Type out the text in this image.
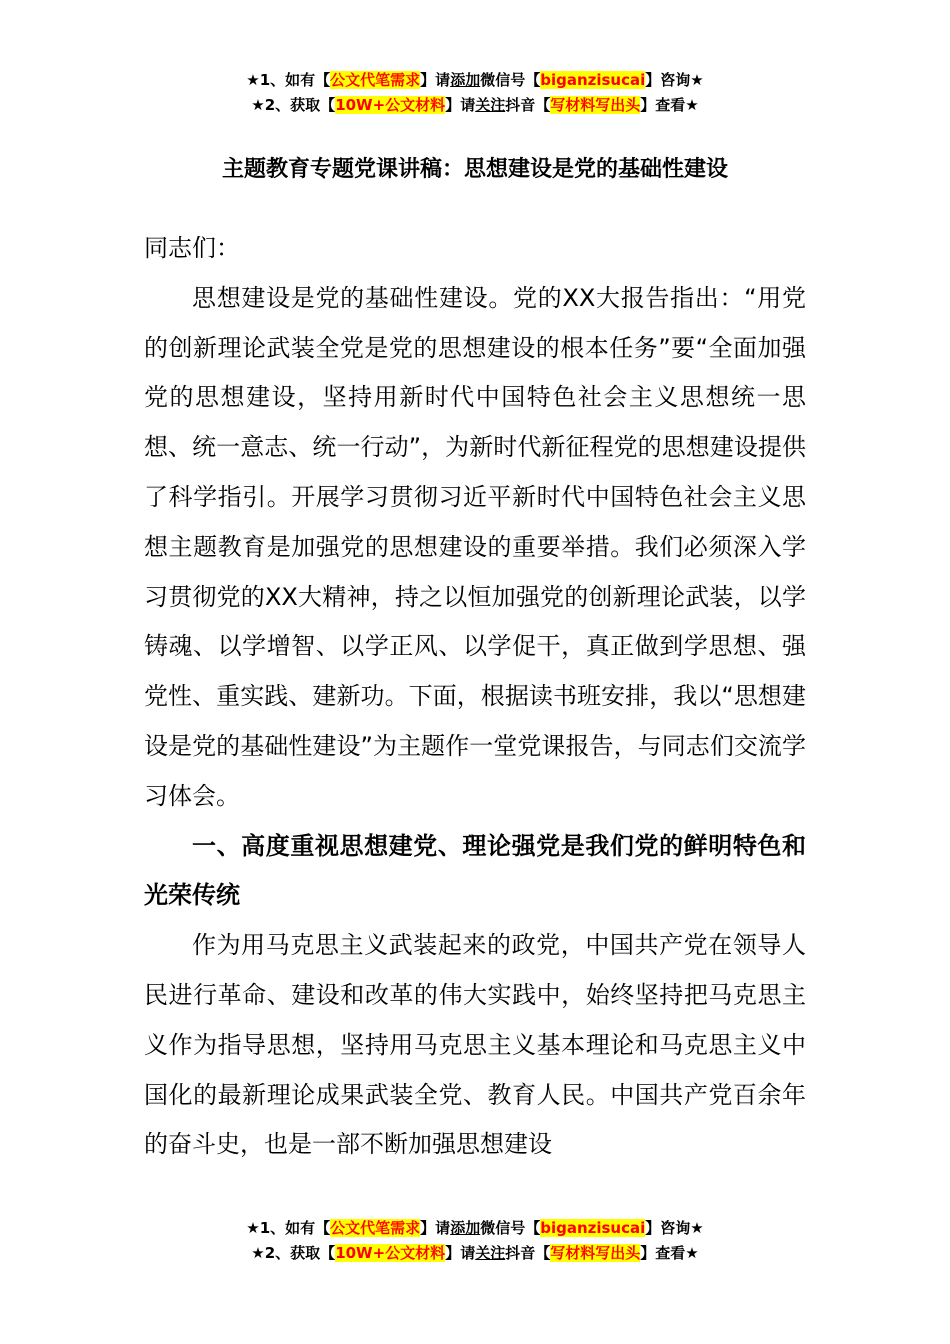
★1、如有【公文代笔需求】请添加微信号【biganzisucai】咨询★
★2、获取【10W+公文材料】请关注抖音【写材料写出头】查看★
主题教育专题党课讲稿：思想建设是党的基础性建设

同志们：

思想建设是党的基础性建设。党的XX大报告指出：“用党的创新理论武装全党是党的思想建设的根本任务”要“全面加强党的思想建设，坚持用新时代中国特色社会主义思想统一思想、统一意志、统一行动”，为新时代新征程党的思想建设提供了科学指引。开展学习贯彻习近平新时代中国特色社会主义思想主题教育是加强党的思想建设的重要举措。我们必须深入学习贯彻党的XX大精神，持之以恒加强党的创新理论武装，以学铸魂、以学增智、以学正风、以学促干，真正做到学思想、强党性、重实践、建新功。下面，根据读书班安排，我以“思想建设是党的基础性建设”为主题作一堂党课报告，与同志们交流学习体会。

一、高度重视思想建党、理论强党是我们党的鲜明特色和光荣传统

作为用马克思主义武装起来的政党，中国共产党在领导人民进行革命、建设和改革的伟大实践中，始终坚持把马克思主义作为指导思想，坚持用马克思主义基本理论和马克思主义中国化的最新理论成果武装全党、教育人民。中国共产党百余年的奋斗史，也是一部不断加强思想建设

★1、如有【公文代笔需求】请添加微信号【biganzisucai】咨询★
★2、获取【10W+公文材料】请关注抖音【写材料写出头】查看★
